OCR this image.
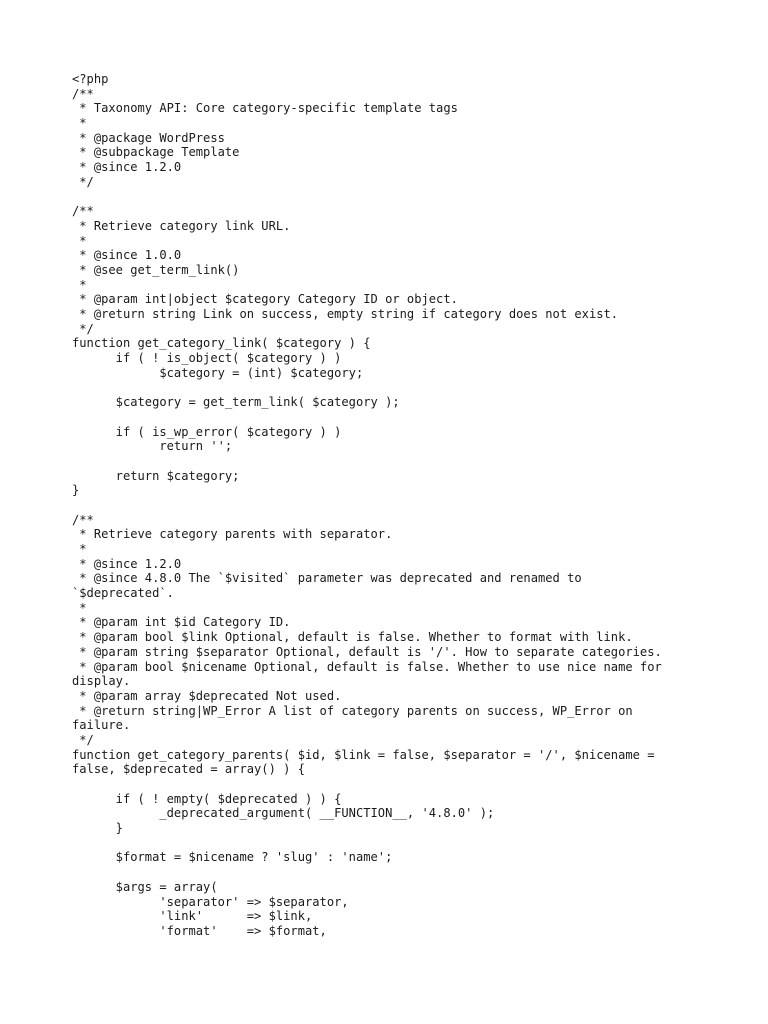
<?php
/**
* Taxonomy API: Core category-specific template tags
*
* @package WordPress
* @subpackage Template
* @since 1.2.0
*/
/**
* Retrieve category link URL.
*
* @since 1.0.0
* @see get_term_link()
*
* @param int|object $category Category ID or object.
* @return string Link on success, empty string if category does not exist.
*/
function get_category_link( $category ) {
if ( ! is_object( $category ) )
$category = (int) $category;
$category = get_term_link( $category );
if ( is_wp_error( $category ) )
return '';
return $category;
}
/**
* Retrieve category parents with separator.
*
* @since 1.2.0
* @since 4.8.0 The `$visited` parameter was deprecated and renamed to
`$deprecated`.
*
* @param int $id Category ID.
* @param bool $link Optional, default is false. Whether to format with link.
* @param string $separator Optional, default is '/'. How to separate categories.
* @param bool $nicename Optional, default is false. Whether to use nice name for
display.
* @param array $deprecated Not used.
* @return string|WP_Error A list of category parents on success, WP_Error on
failure.
*/
function get_category_parents( $id, $link = false, $separator = '/', $nicename =
false, $deprecated = array() ) {
if ( ! empty( $deprecated ) ) {
_deprecated_argument( __FUNCTION__, '4.8.0' );
}
$format = $nicename ? 'slug' : 'name';
$args = array(
'separator' => $separator,
'link'      => $link,
'format'    => $format,
